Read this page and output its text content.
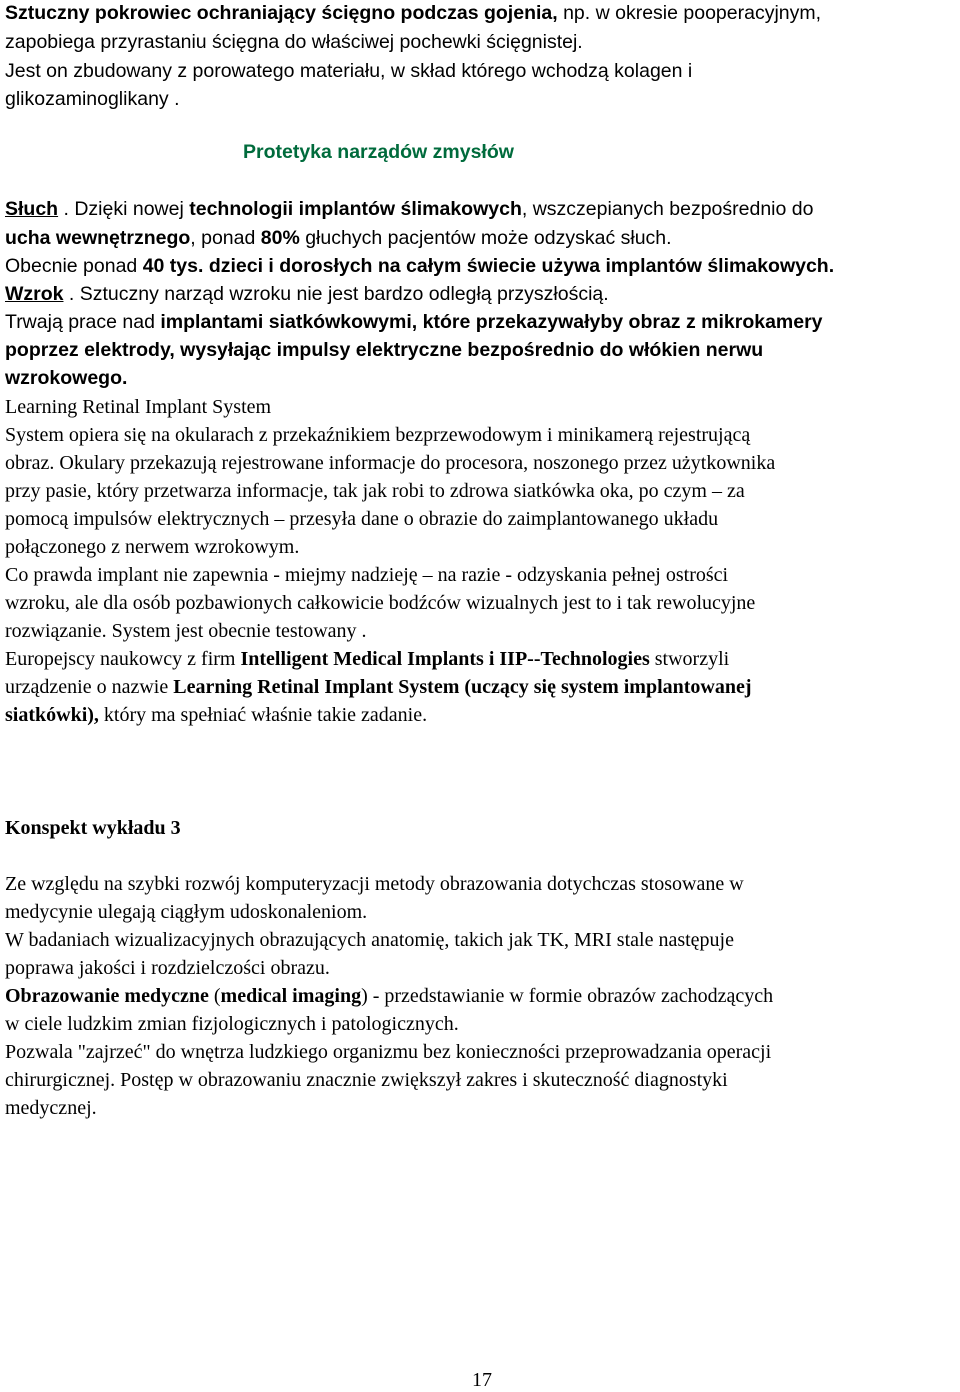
Sztuczny pokrowiec ochraniający ścięgno podczas gojenia, np. w okresie pooperacyjnym,

zapobiega przyrastaniu ścięgna do właściwej pochewki ścięgnistej.

Jest on zbudowany z porowatego materiału, w skład którego wchodzą kolagen i

glikozaminoglikany .

Protetyka narządów zmysłów

Słuch . Dzięki nowej technologii implantów ślimakowych, wszczepianych bezpośrednio do

ucha wewnętrznego, ponad 80% głuchych pacjentów może odzyskać słuch.

Obecnie ponad 40 tys. dzieci i dorosłych na całym świecie używa implantów ślimakowych.

Wzrok . Sztuczny narząd wzroku nie jest bardzo odległą przyszłością.

Trwają prace nad implantami siatkówkowymi, które przekazywałyby obraz z mikrokamery

poprzez elektrody, wysyłając impulsy elektryczne bezpośrednio do włókien nerwu

wzrokowego.

Learning Retinal Implant System

System opiera się na okularach z przekaźnikiem bezprzewodowym i minikamerą rejestrującą

obraz. Okulary przekazują rejestrowane informacje do procesora, noszonego przez użytkownika

przy pasie, który przetwarza informacje, tak jak robi to zdrowa siatkówka oka, po czym – za

pomocą impulsów elektrycznych – przesyła dane o obrazie do zaimplantowanego układu

połączonego z nerwem wzrokowym.

Co prawda implant nie zapewnia - miejmy nadzieję – na razie - odzyskania pełnej ostrości

wzroku, ale dla osób pozbawionych całkowicie bodźców wizualnych jest to i tak rewolucyjne

rozwiązanie. System jest obecnie testowany .

Europejscy naukowcy z firm Intelligent Medical Implants i IIP--Technologies stworzyli

urządzenie o nazwie Learning Retinal Implant System (uczący się system implantowanej

siatkówki), który ma spełniać właśnie takie zadanie.

Konspekt wykładu 3

Ze względu na szybki rozwój komputeryzacji metody obrazowania dotychczas stosowane w

medycynie ulegają ciągłym udoskonaleniom.

W badaniach wizualizacyjnych obrazujących anatomię, takich jak TK, MRI stale następuje

poprawa jakości i rozdzielczości obrazu.

Obrazowanie medyczne (medical imaging) - przedstawianie w formie obrazów zachodzących

w ciele ludzkim zmian fizjologicznych i patologicznych.

Pozwala "zajrzeć" do wnętrza ludzkiego organizmu bez konieczności przeprowadzania operacji

chirurgicznej. Postęp w obrazowaniu znacznie zwiększył zakres i skuteczność diagnostyki

medycznej.

17
